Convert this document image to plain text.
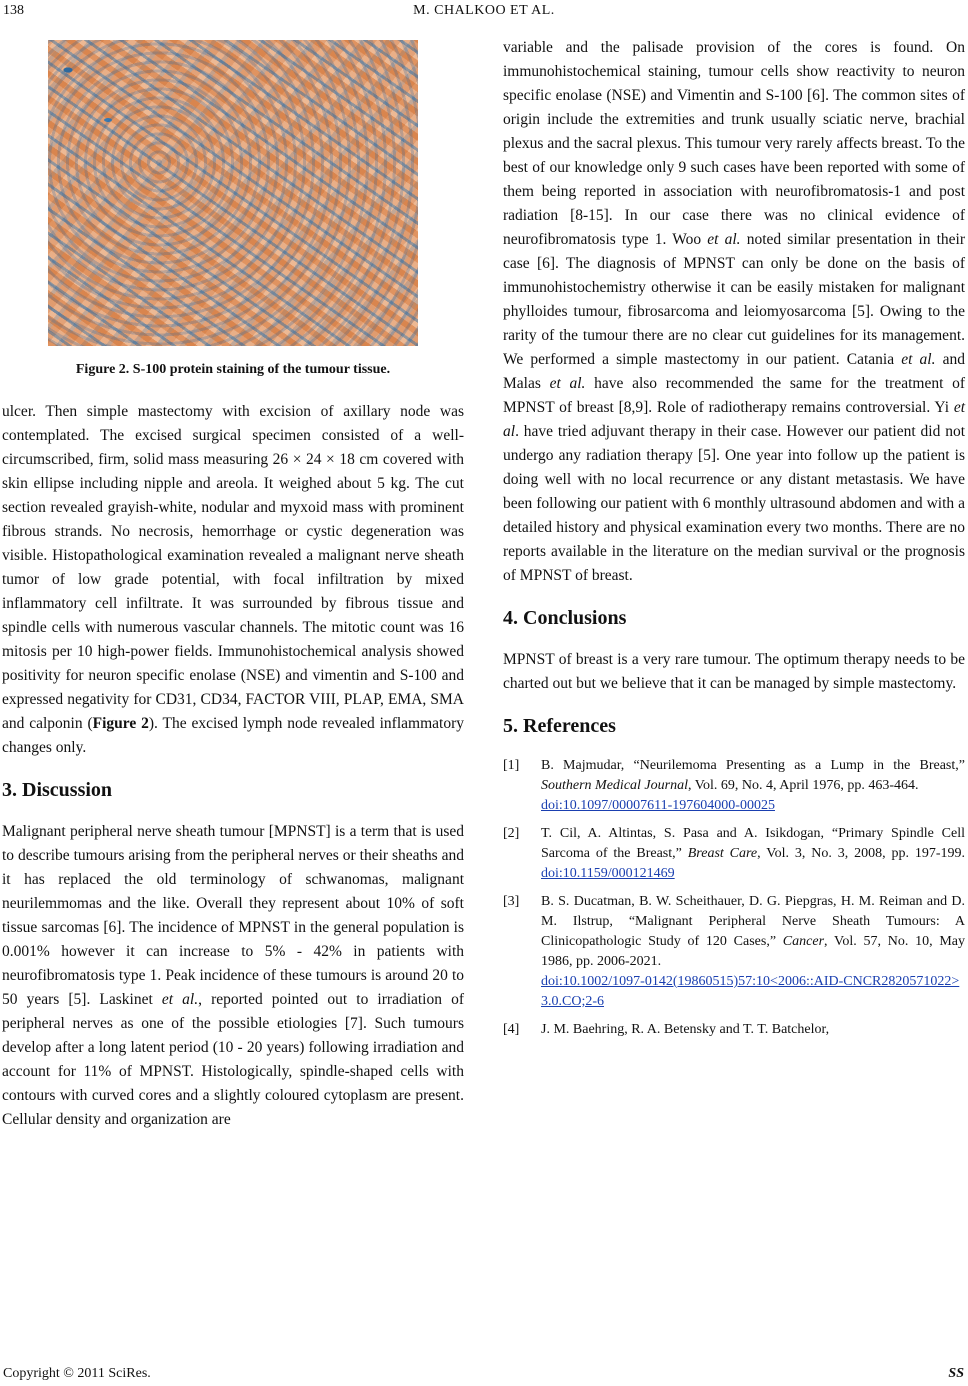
138	M. CHALKOO ET AL.
Figure 2. S-100 protein staining of the tumour tissue.

ulcer. Then simple mastectomy with excision of axillary node was contemplated. The excised surgical specimen consisted of a well-circumscribed, firm, solid mass measuring 26 × 24 × 18 cm covered with skin ellipse including nipple and areola. It weighed about 5 kg. The cut section revealed grayish-white, nodular and myxoid mass with prominent fibrous strands. No necrosis, hemorrhage or cystic degeneration was visible. Histopathological examination revealed a malignant nerve sheath tumor of low grade potential, with focal infiltration by mixed inflammatory cell infiltrate. It was surrounded by fibrous tissue and spindle cells with numerous vascular channels. The mitotic count was 16 mitosis per 10 high-power fields. Immunohistochemical analysis showed positivity for neuron specific enolase (NSE) and vimentin and S-100 and expressed negativity for CD31, CD34, FACTOR VIII, PLAP, EMA, SMA and calponin (Figure 2). The excised lymph node revealed inflammatory changes only.

3. Discussion

Malignant peripheral nerve sheath tumour [MPNST] is a term that is used to describe tumours arising from the peripheral nerves or their sheaths and it has replaced the old terminology of schwanomas, malignant neurilemmomas and the like. Overall they represent about 10% of soft tissue sarcomas [6]. The incidence of MPNST in the general population is 0.001% however it can increase to 5% - 42% in patients with neurofibromatosis type 1. Peak incidence of these tumours is around 20 to 50 years [5]. Laskinet et al., reported pointed out to irradiation of peripheral nerves as one of the possible etiologies [7]. Such tumours develop after a long latent period (10 - 20 years) following irradiation and account for 11% of MPNST. Histologically, spindle-shaped cells with contours with curved cores and a slightly coloured cytoplasm are present. Cellular density and organization are

variable and the palisade provision of the cores is found. On immunohistochemical staining, tumour cells show reactivity to neuron specific enolase (NSE) and Vimentin and S-100 [6]. The common sites of origin include the extremities and trunk usually sciatic nerve, brachial plexus and the sacral plexus. This tumour very rarely affects breast. To the best of our knowledge only 9 such cases have been reported with some of them being reported in association with neurofibromatosis-1 and post radiation [8-15]. In our case there was no clinical evidence of neurofibromatosis type 1. Woo et al. noted similar presentation in their case [6]. The diagnosis of MPNST can only be done on the basis of immunohistochemistry otherwise it can be easily mistaken for malignant phylloides tumour, fibrosarcoma and leiomyosarcoma [5]. Owing to the rarity of the tumour there are no clear cut guidelines for its management. We performed a simple mastectomy in our patient. Catania et al. and Malas et al. have also recommended the same for the treatment of MPNST of breast [8,9]. Role of radiotherapy remains controversial. Yi et al. have tried adjuvant therapy in their case. However our patient did not undergo any radiation therapy [5]. One year into follow up the patient is doing well with no local recurrence or any distant metastasis. We have been following our patient with 6 monthly ultrasound abdomen and with a detailed history and physical examination every two months. There are no reports available in the literature on the median survival or the prognosis of MPNST of breast.

4. Conclusions

MPNST of breast is a very rare tumour. The optimum therapy needs to be charted out but we believe that it can be managed by simple mastectomy.

5. References
[1]	B. Majmudar, “Neurilemoma Presenting as a Lump in the Breast,” Southern Medical Journal, Vol. 69, No. 4, April 1976, pp. 463-464.
doi:10.1097/00007611-197604000-00025
[2]	T. Cil, A. Altintas, S. Pasa and A. Isikdogan, “Primary Spindle Cell Sarcoma of the Breast,” Breast Care, Vol. 3, No. 3, 2008, pp. 197-199. doi:10.1159/000121469
[3]	B. S. Ducatman, B. W. Scheithauer, D. G. Piepgras, H. M. Reiman and D. M. Ilstrup, “Malignant Peripheral Nerve Sheath Tumours: A Clinicopathologic Study of 120 Cases,” Cancer, Vol. 57, No. 10, May 1986, pp. 2006-2021.
doi:10.1002/1097-0142(19860515)57:10<2006::AID-CNCR2820571022>3.0.CO;2-6
[4]	J. M. Baehring, R. A. Betensky and T. T. Batchelor,
Copyright © 2011 SciRes.	SS
